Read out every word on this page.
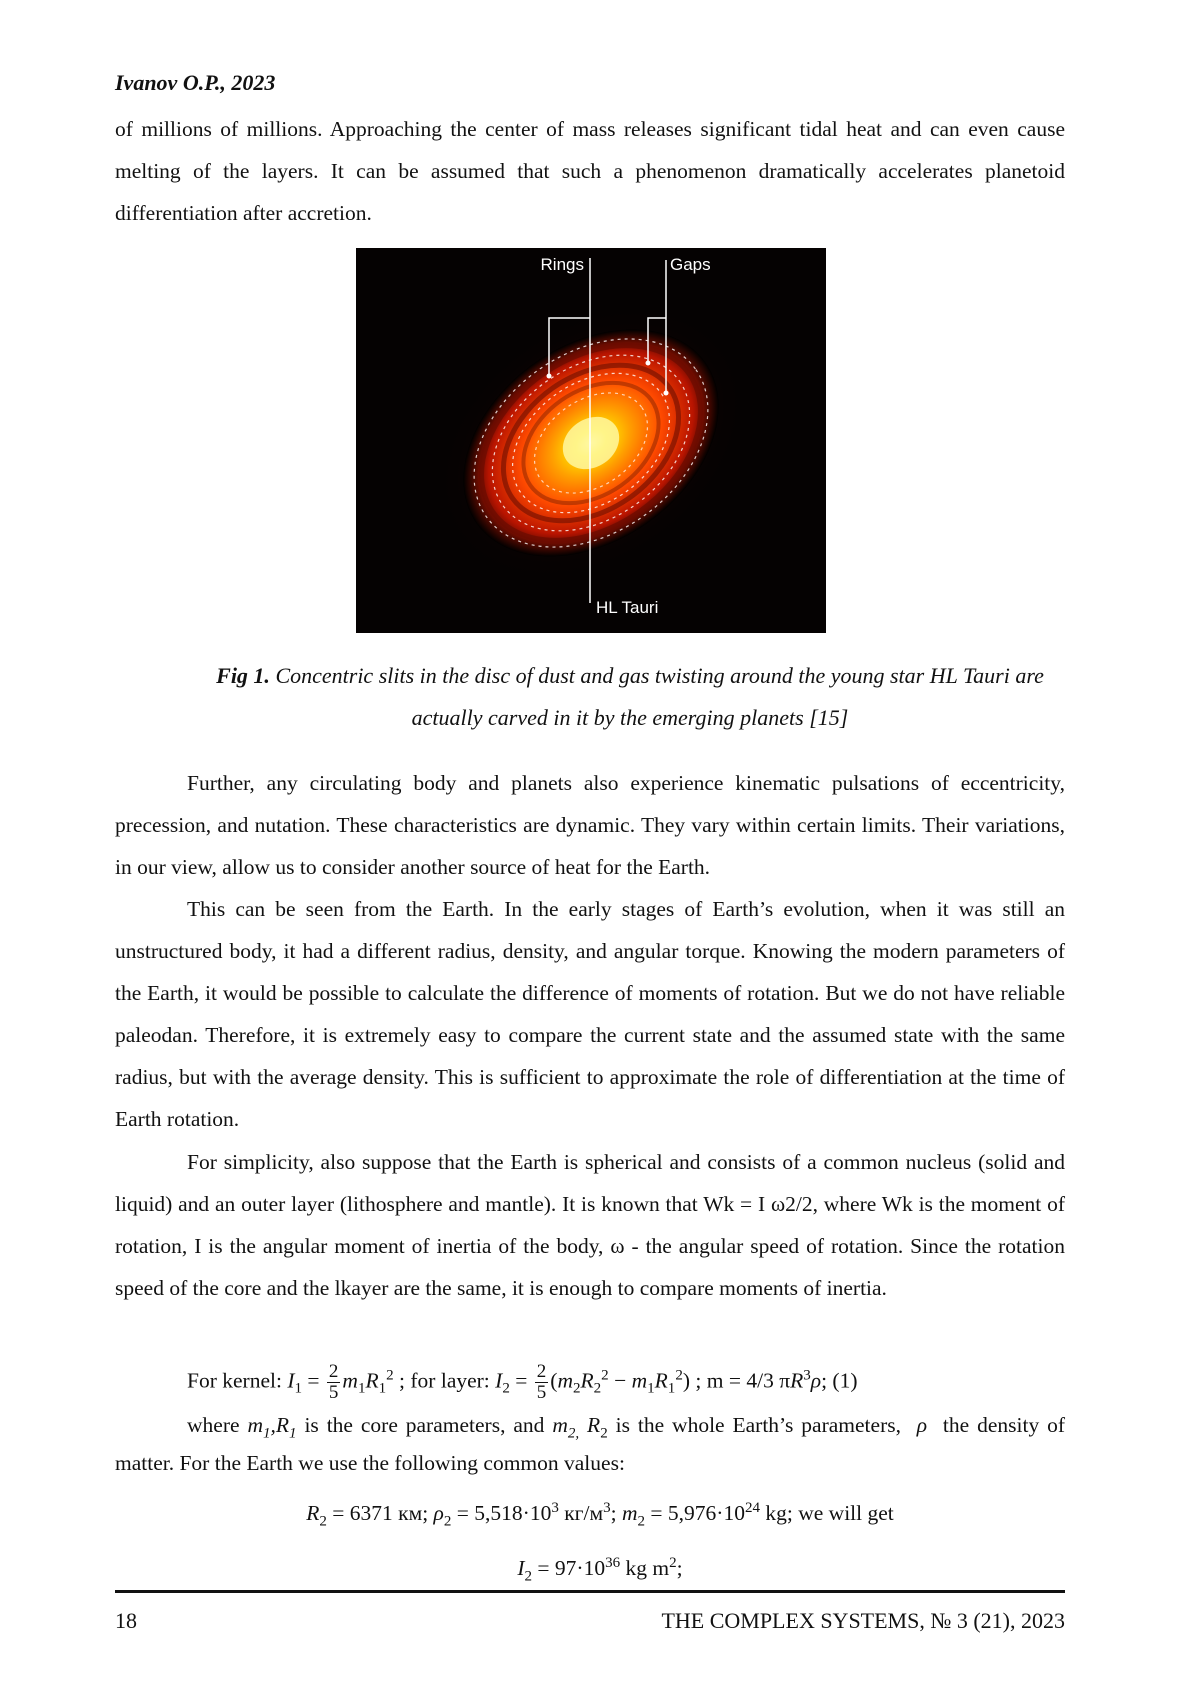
Ivanov O.P., 2023
of millions of millions. Approaching the center of mass releases significant tidal heat and can even cause melting of the layers. It can be assumed that such a phenomenon dramatically accelerates planetoid differentiation after accretion.
Rings	Gaps
HL Tauri
Fig 1. Concentric slits in the disc of dust and gas twisting around the young star HL Tauri are actually carved in it by the emerging planets [15]
Further, any circulating body and planets also experience kinematic pulsations of eccentricity, precession, and nutation. These characteristics are dynamic. They vary within certain limits. Their variations, in our view, allow us to consider another source of heat for the Earth.
This can be seen from the Earth. In the early stages of Earth’s evolution, when it was still an unstructured body, it had a different radius, density, and angular torque. Knowing the modern parameters of the Earth, it would be possible to calculate the difference of moments of rotation. But we do not have reliable paleodan. Therefore, it is extremely easy to compare the current state and the assumed state with the same radius, but with the average density. This is sufficient to approximate the role of differentiation at the time of Earth rotation.
For simplicity, also suppose that the Earth is spherical and consists of a common nucleus (solid and liquid) and an outer layer (lithosphere and mantle). It is known that Wk = I ω2/2, where Wk is the moment of rotation, I is the angular moment of inertia of the body, ω - the angular speed of rotation. Since the rotation speed of the core and the lkayer are the same, it is enough to compare moments of inertia.
For kernel: $I_1 = \frac{2}{5} m_1R_1^2$ ; for layer: $I_2 = \frac{2}{5} (m_2R_2^2 - m_1R_1^2)$ ; m = 4/3 $\pi R^3\rho$; (1)
where $m_1,R_1$ is the core parameters, and $m_{2,}$ $R_2$ is the whole Earth’s parameters, ρ the density of matter. For the Earth we use the following common values:
$R_2 = 6371$ км; $\rho_2 = 5,518\cdot 10^3$ $кг/м^3$; $m_2 = 5,976\cdot 10^{24}$ kg; we will get
$I_2 = 97\cdot 10^{36}$ kg $m^2$;
18	THE COMPLEX SYSTEMS, № 3 (21), 2023
